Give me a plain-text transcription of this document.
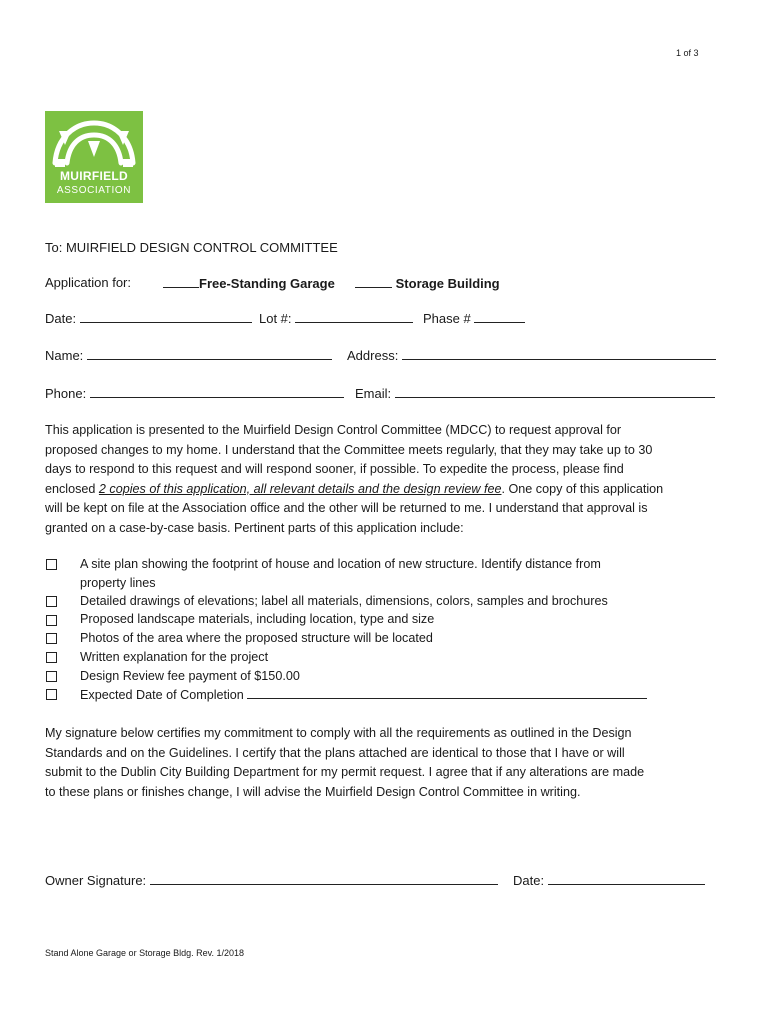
1 of 3
MUIRFIELD
ASSOCIATION
To: MUIRFIELD DESIGN CONTROL COMMITTEE
Application for:	Free-Standing Garage	Storage Building
Date:	Lot #:	Phase #
Name:	Address:
Phone:	Email:
This application is presented to the Muirfield Design Control Committee (MDCC) to request approval for
proposed changes to my home. I understand that the Committee meets regularly, that they may take up to 30
days to respond to this request and will respond sooner, if possible. To expedite the process, please find
enclosed 2 copies of this application, all relevant details and the design review fee. One copy of this application
will be kept on file at the Association office and the other will be returned to me. I understand that approval is
granted on a case-by-case basis. Pertinent parts of this application include:
A site plan showing the footprint of house and location of new structure. Identify distance from
property lines
Detailed drawings of elevations; label all materials, dimensions, colors, samples and brochures
Proposed landscape materials, including location, type and size
Photos of the area where the proposed structure will be located
Written explanation for the project
Design Review fee payment of $150.00
Expected Date of Completion
My signature below certifies my commitment to comply with all the requirements as outlined in the Design
Standards and on the Guidelines. I certify that the plans attached are identical to those that I have or will
submit to the Dublin City Building Department for my permit request. I agree that if any alterations are made
to these plans or finishes change, I will advise the Muirfield Design Control Committee in writing.
Owner Signature:	Date:
Stand Alone Garage or Storage Bldg. Rev. 1/2018
